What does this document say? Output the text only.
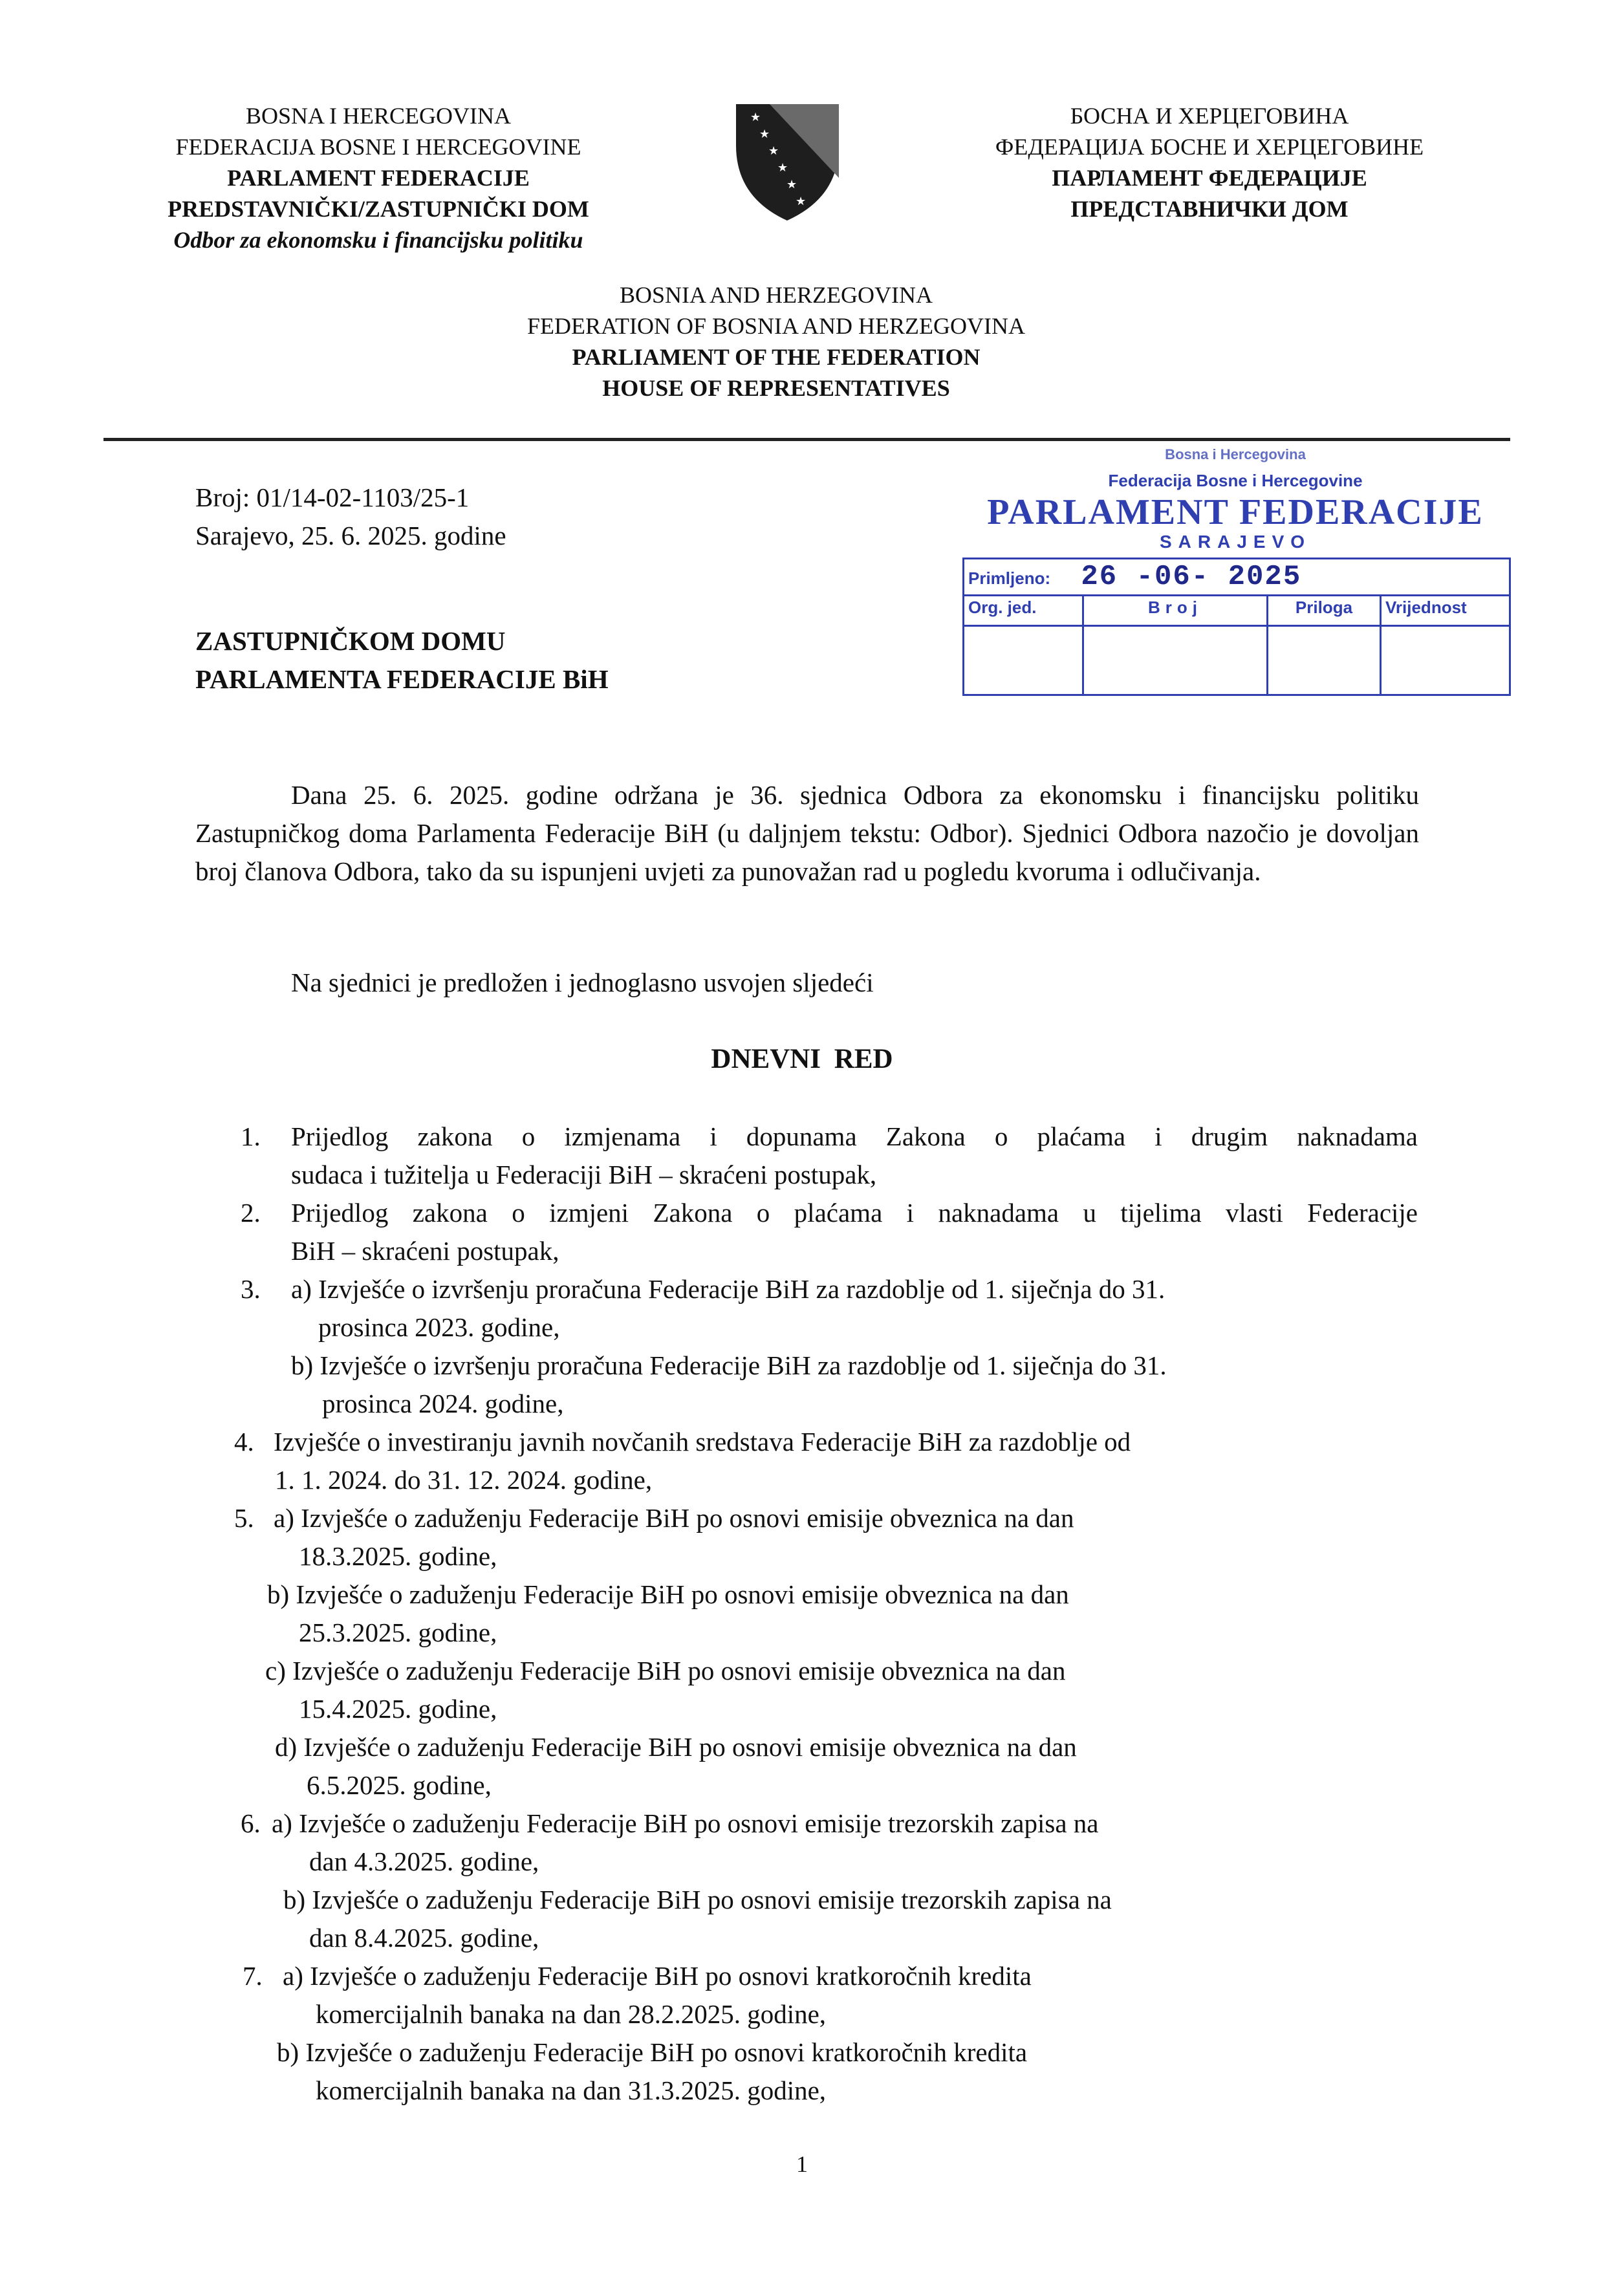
BOSNA I HERCEGOVINA
FEDERACIJA BOSNE I HERCEGOVINE
PARLAMENT FEDERACIJE
PREDSTAVNIČKI/ZASTUPNIČKI DOM
Odbor za ekonomsku i financijsku politiku
★
★
★
★
★
★
БОСНА И ХЕРЦЕГОВИНА
ФЕДЕРАЦИЈА БОСНЕ И ХЕРЦЕГОВИНЕ
ПАРЛАМЕНТ ФЕДЕРАЦИЈЕ
ПРЕДСТАВНИЧКИ ДОМ
BOSNIA AND HERZEGOVINA
FEDERATION OF BOSNIA AND HERZEGOVINA
PARLIAMENT OF THE FEDERATION
HOUSE OF REPRESENTATIVES
Broj: 01/14-02-1103/25-1
Sarajevo, 25. 6. 2025. godine
ZASTUPNIČKOM DOMU
PARLAMENTA FEDERACIJE BiH
Bosna i Hercegovina
Federacija Bosne i Hercegovine
PARLAMENT FEDERACIJE
SARAJEVO
Primljeno: 26 -06- 2025			
Org. jed.	Broj	Priloga	Vrijednost

Dana 25. 6. 2025. godine održana je 36. sjednica Odbora za ekonomsku i financijsku politiku Zastupničkog doma Parlamenta Federacije BiH (u daljnjem tekstu: Odbor). Sjednici Odbora nazočio je dovoljan broj članova Odbora, tako da su ispunjeni uvjeti za punovažan rad u pogledu kvoruma i odlučivanja.
Na sjednici je predložen i jednoglasno usvojen sljedeći
DNEVNI RED
1. Prijedlog zakona o izmjenama i dopunama Zakona o plaćama i drugim naknadama
sudaca i tužitelja u Federaciji BiH – skraćeni postupak,
2. Prijedlog zakona o izmjeni Zakona o plaćama i naknadama u tijelima vlasti Federacije
BiH – skraćeni postupak,
3. a) Izvješće o izvršenju proračuna Federacije BiH za razdoblje od 1. siječnja do 31.
prosinca 2023. godine,
b) Izvješće o izvršenju proračuna Federacije BiH za razdoblje od 1. siječnja do 31.
prosinca 2024. godine,
4. Izvješće o investiranju javnih novčanih sredstava Federacije BiH za razdoblje od
1. 1. 2024. do 31. 12. 2024. godine,
5. a) Izvješće o zaduženju Federacije BiH po osnovi emisije obveznica na dan
18.3.2025. godine,
b) Izvješće o zaduženju Federacije BiH po osnovi emisije obveznica na dan
25.3.2025. godine,
c) Izvješće o zaduženju Federacije BiH po osnovi emisije obveznica na dan
15.4.2025. godine,
d) Izvješće o zaduženju Federacije BiH po osnovi emisije obveznica na dan
6.5.2025. godine,
6. a) Izvješće o zaduženju Federacije BiH po osnovi emisije trezorskih zapisa na
dan 4.3.2025. godine,
b) Izvješće o zaduženju Federacije BiH po osnovi emisije trezorskih zapisa na
dan 8.4.2025. godine,
7. a) Izvješće o zaduženju Federacije BiH po osnovi kratkoročnih kredita
komercijalnih banaka na dan 28.2.2025. godine,
b) Izvješće o zaduženju Federacije BiH po osnovi kratkoročnih kredita
komercijalnih banaka na dan 31.3.2025. godine,
1
